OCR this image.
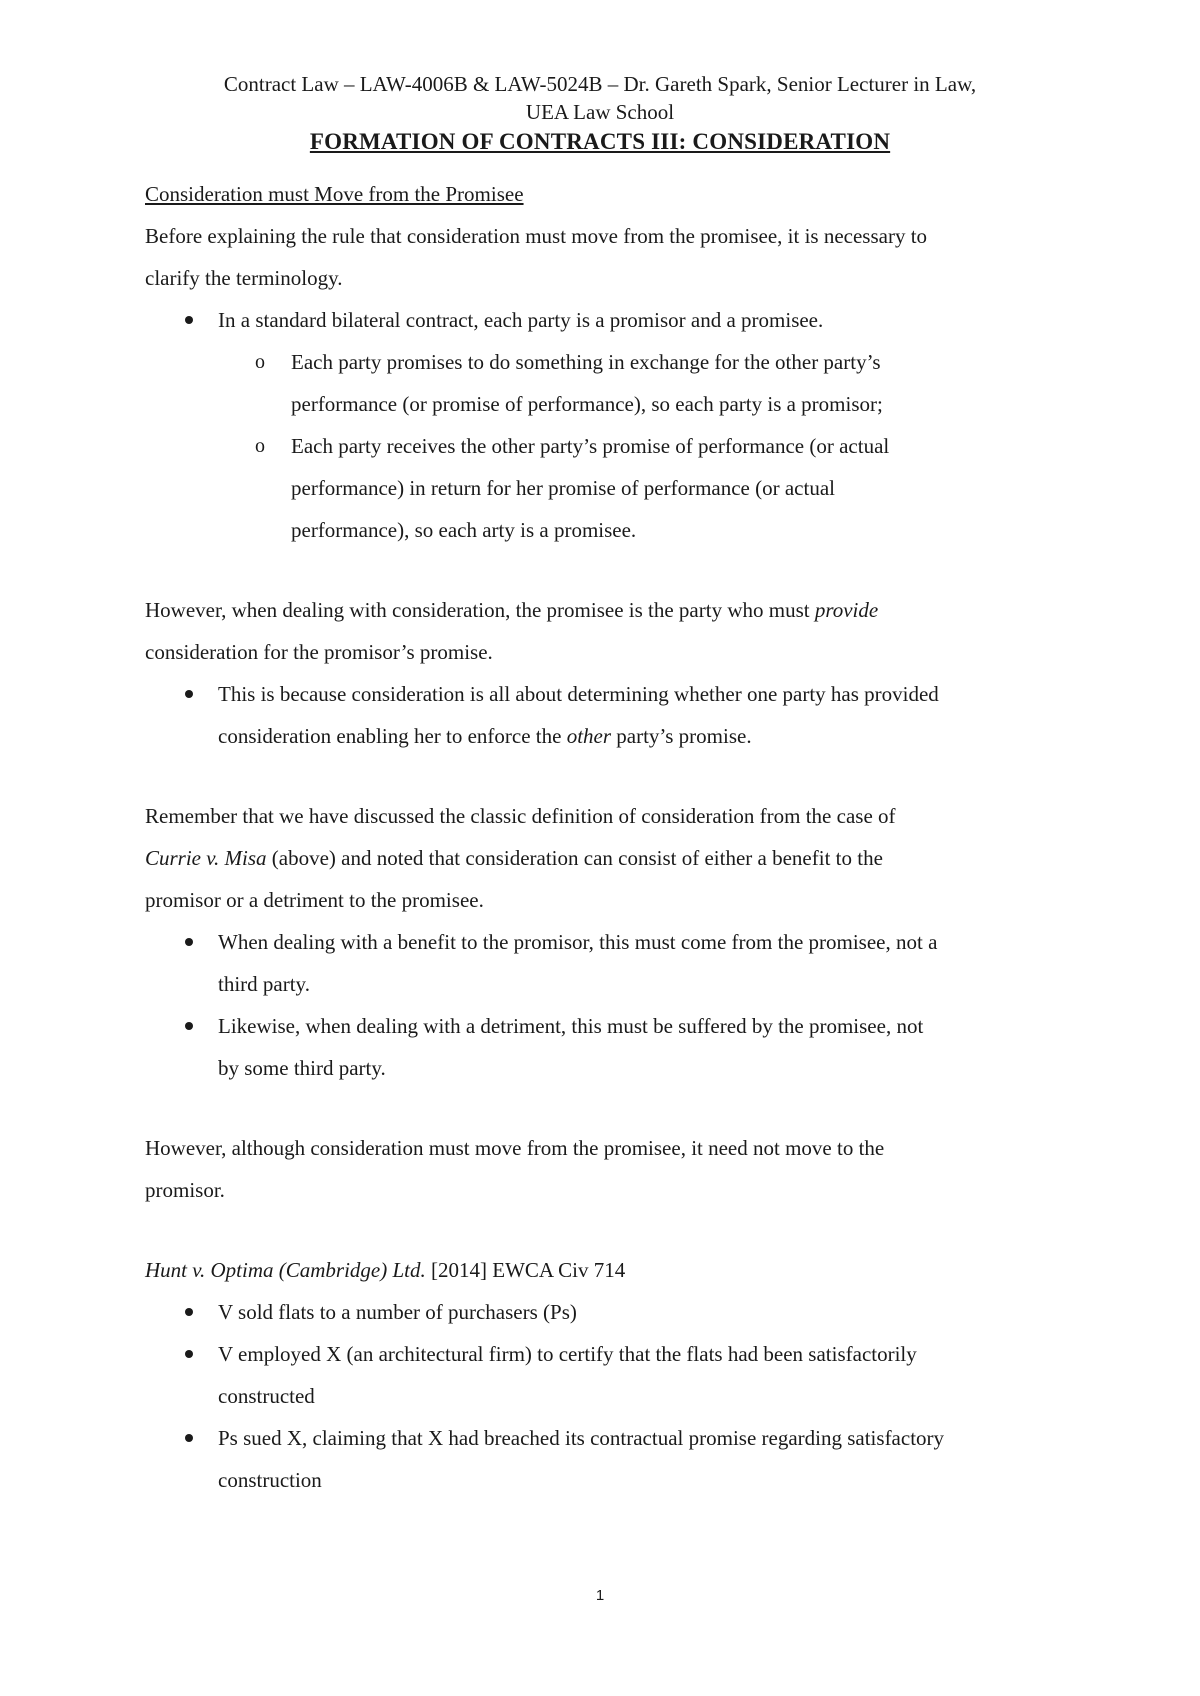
Contract Law – LAW-4006B & LAW-5024B – Dr. Gareth Spark, Senior Lecturer in Law,
UEA Law School
FORMATION OF CONTRACTS III: CONSIDERATION
Consideration must Move from the Promisee
Before explaining the rule that consideration must move from the promisee, it is necessary to
clarify the terminology.
In a standard bilateral contract, each party is a promisor and a promisee.
o Each party promises to do something in exchange for the other party’s
performance (or promise of performance), so each party is a promisor;
o Each party receives the other party’s promise of performance (or actual
performance) in return for her promise of performance (or actual
performance), so each arty is a promisee.
However, when dealing with consideration, the promisee is the party who must provide
consideration for the promisor’s promise.
This is because consideration is all about determining whether one party has provided
consideration enabling her to enforce the other party’s promise.
Remember that we have discussed the classic definition of consideration from the case of
Currie v. Misa (above) and noted that consideration can consist of either a benefit to the
promisor or a detriment to the promisee.
When dealing with a benefit to the promisor, this must come from the promisee, not a
third party.
Likewise, when dealing with a detriment, this must be suffered by the promisee, not
by some third party.
However, although consideration must move from the promisee, it need not move to the
promisor.
Hunt v. Optima (Cambridge) Ltd. [2014] EWCA Civ 714
V sold flats to a number of purchasers (Ps)
V employed X (an architectural firm) to certify that the flats had been satisfactorily
constructed
Ps sued X, claiming that X had breached its contractual promise regarding satisfactory
construction
1
